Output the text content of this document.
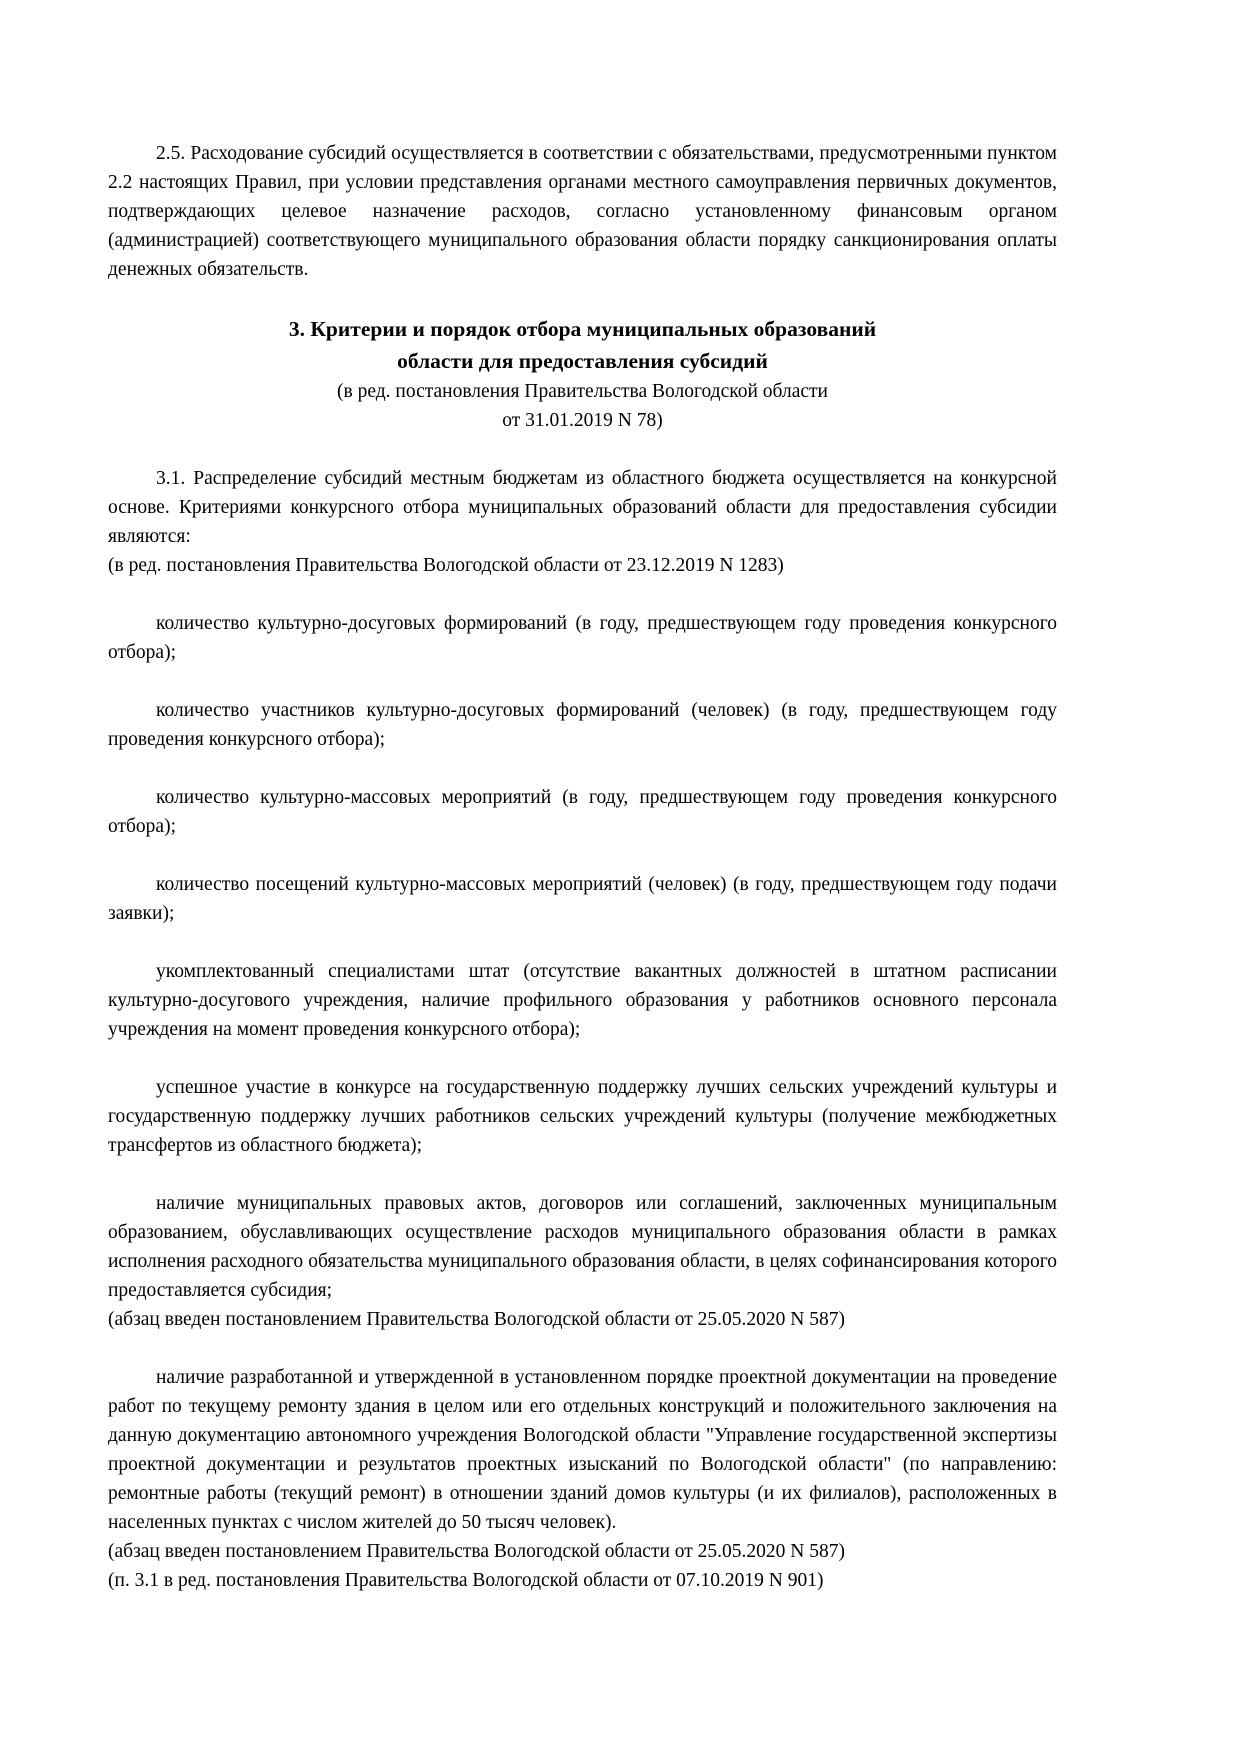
2.5. Расходование субсидий осуществляется в соответствии с обязательствами, предусмотренными пунктом 2.2 настоящих Правил, при условии представления органами местного самоуправления первичных документов, подтверждающих целевое назначение расходов, согласно установленному финансовым органом (администрацией) соответствующего муниципального образования области порядку санкционирования оплаты денежных обязательств.

3. Критерии и порядок отбора муниципальных образований
области для предоставления субсидий
(в ред. постановления Правительства Вологодской области
от 31.01.2019 N 78)

3.1. Распределение субсидий местным бюджетам из областного бюджета осуществляется на конкурсной основе. Критериями конкурсного отбора муниципальных образований области для предоставления субсидии являются:

(в ред. постановления Правительства Вологодской области от 23.12.2019 N 1283)

количество культурно-досуговых формирований (в году, предшествующем году проведения конкурсного отбора);

количество участников культурно-досуговых формирований (человек) (в году, предшествующем году проведения конкурсного отбора);

количество культурно-массовых мероприятий (в году, предшествующем году проведения конкурсного отбора);

количество посещений культурно-массовых мероприятий (человек) (в году, предшествующем году подачи заявки);

укомплектованный специалистами штат (отсутствие вакантных должностей в штатном расписании культурно-досугового учреждения, наличие профильного образования у работников основного персонала учреждения на момент проведения конкурсного отбора);

успешное участие в конкурсе на государственную поддержку лучших сельских учреждений культуры и государственную поддержку лучших работников сельских учреждений культуры (получение межбюджетных трансфертов из областного бюджета);

наличие муниципальных правовых актов, договоров или соглашений, заключенных муниципальным образованием, обуславливающих осуществление расходов муниципального образования области в рамках исполнения расходного обязательства муниципального образования области, в целях софинансирования которого предоставляется субсидия;

(абзац введен постановлением Правительства Вологодской области от 25.05.2020 N 587)

наличие разработанной и утвержденной в установленном порядке проектной документации на проведение работ по текущему ремонту здания в целом или его отдельных конструкций и положительного заключения на данную документацию автономного учреждения Вологодской области "Управление государственной экспертизы проектной документации и результатов проектных изысканий по Вологодской области" (по направлению: ремонтные работы (текущий ремонт) в отношении зданий домов культуры (и их филиалов), расположенных в населенных пунктах с числом жителей до 50 тысяч человек).

(абзац введен постановлением Правительства Вологодской области от 25.05.2020 N 587)

(п. 3.1 в ред. постановления Правительства Вологодской области от 07.10.2019 N 901)
